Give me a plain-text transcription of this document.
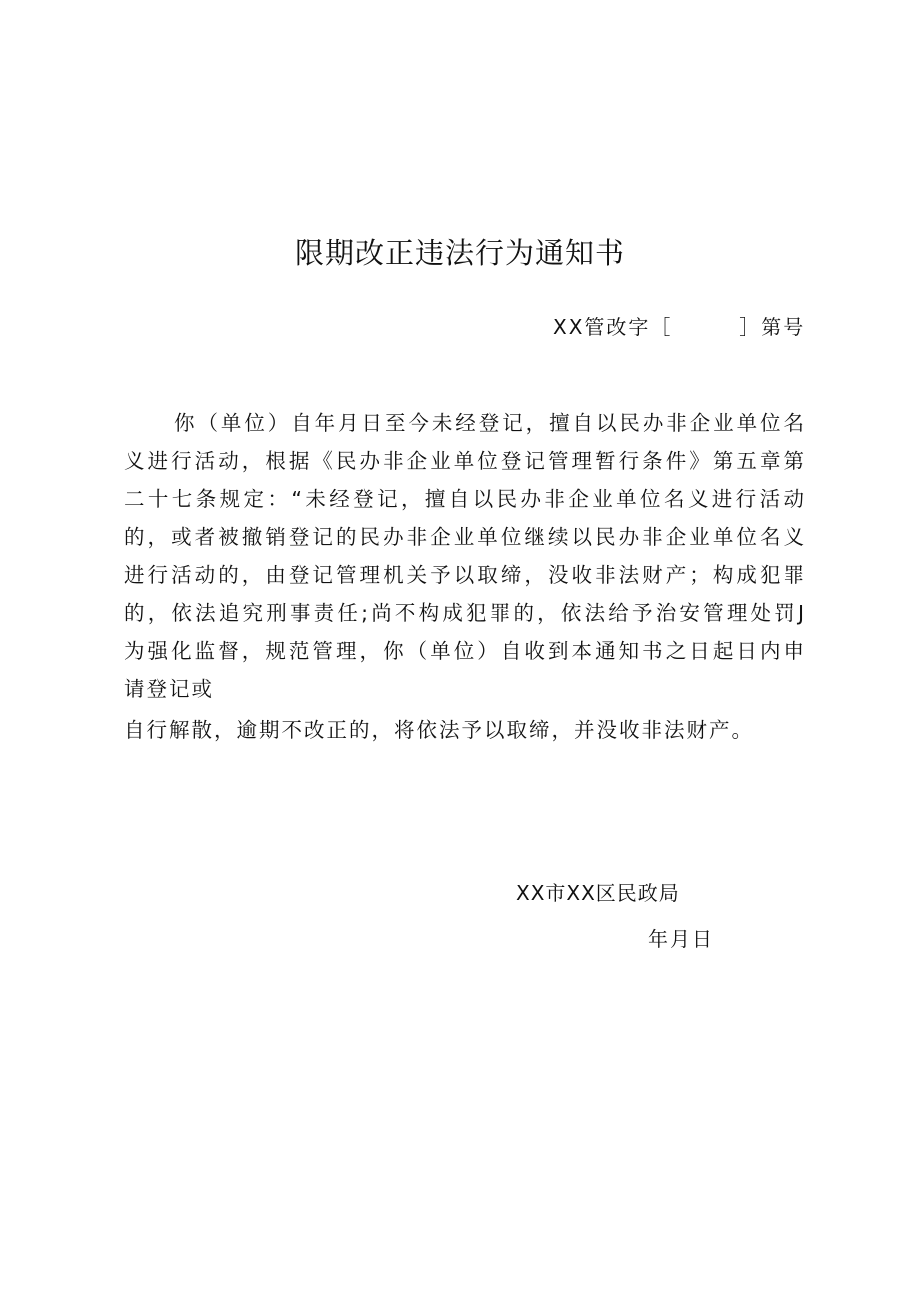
限期改正违法行为通知书
XX管改字［        ］第号
你（单位）自年月日至今未经登记，擅自以民办非企业单位名
义进行活动，根据《民办非企业单位登记管理暂行条件》第五章第
二十七条规定：“未经登记，擅自以民办非企业单位名义进行活动
的，或者被撤销登记的民办非企业单位继续以民办非企业单位名义
进行活动的，由登记管理机关予以取缔，没收非法财产；构成犯罪
的，依法追究刑事责任;尚不构成犯罪的，依法给予治安管理处罚J
为强化监督，规范管理，你（单位）自收到本通知书之日起日内申
请登记或
自行解散，逾期不改正的，将依法予以取缔，并没收非法财产。
XX市XX区民政局
年月日
